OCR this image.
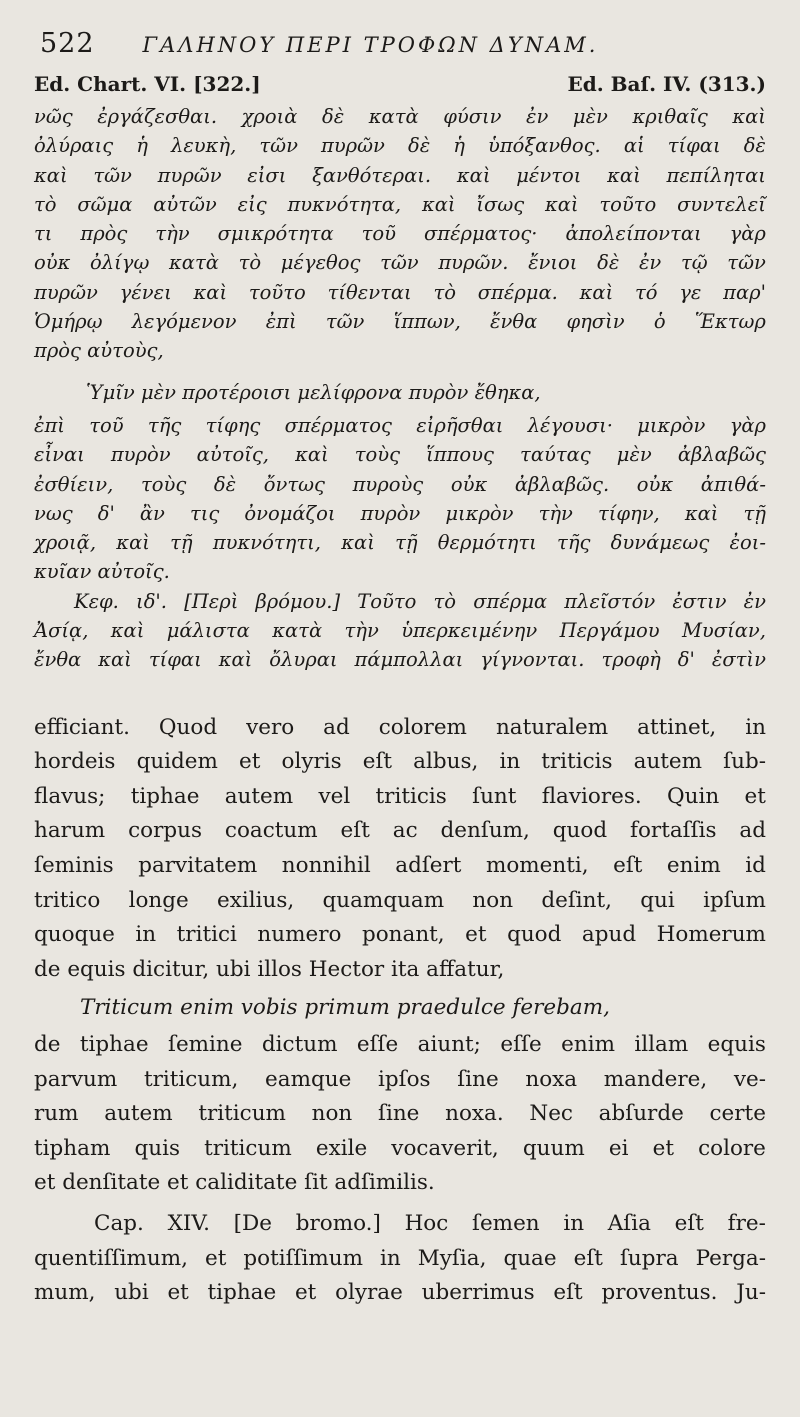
522 ΓΑΛΗΝΟΥ ΠΕΡΙ ΤΡΟΦΩΝ ΔΥΝΑΜ.
Ed. Chart. VI. [322.]	Ed. Baſ. IV. (313.)
νῶς ἐργάζεσθαι. χροιὰ δὲ κατὰ φύσιν ἐν μὲν κριθαῖς καὶ
ὀλύραις ἡ λευκὴ, τῶν πυρῶν δὲ ἡ ὑπόξανθος. αἱ τίφαι δὲ
καὶ τῶν πυρῶν εἰσι ξανθότεραι. καὶ μέντοι καὶ πεπίληται
τὸ σῶμα αὐτῶν εἰς πυκνότητα, καὶ ἴσως καὶ τοῦτο συντελεῖ
τι πρὸς τὴν σμικρότητα τοῦ σπέρματος· ἀπολείπονται γὰρ
οὐκ ὀλίγῳ κατὰ τὸ μέγεθος τῶν πυρῶν. ἔνιοι δὲ ἐν τῷ τῶν
πυρῶν γένει καὶ τοῦτο τίθενται τὸ σπέρμα. καὶ τό γε παρ'
Ὁμήρῳ λεγόμενον ἐπὶ τῶν ἵππων, ἔνθα φησὶν ὁ Ἕκτωρ
πρὸς αὐτοὺς,
Ὑμῖν μὲν προτέροισι μελίφρονα πυρὸν ἔθηκα,
ἐπὶ τοῦ τῆς τίφης σπέρματος εἰρῆσθαι λέγουσι· μικρὸν γὰρ
εἶναι πυρὸν αὐτοῖς, καὶ τοὺς ἵππους ταύτας μὲν ἀβλαβῶς
ἐσθίειν, τοὺς δὲ ὄντως πυροὺς οὐκ ἀβλαβῶς. οὐκ ἀπιθά-
νως δ' ἂν τις ὀνομάζοι πυρὸν μικρὸν τὴν τίφην, καὶ τῇ
χροιᾷ, καὶ τῇ πυκνότητι, καὶ τῇ θερμότητι τῆς δυνάμεως ἐοι-
κυῖαν αὐτοῖς.
Κεφ. ιδ'. [Περὶ βρόμου.] Τοῦτο τὸ σπέρμα πλεῖστόν ἐστιν ἐν
Ἀσίᾳ, καὶ μάλιστα κατὰ τὴν ὑπερκειμένην Περγάμου Μυσίαν,
ἔνθα καὶ τίφαι καὶ ὄλυραι πάμπολλαι γίγνονται. τροφὴ δ' ἐστὶν
efficiant. Quod vero ad colorem naturalem attinet, in
hordeis quidem et olyris eſt albus, in triticis autem ſub-
flavus; tiphae autem vel triticis ſunt flaviores. Quin et
harum corpus coactum eſt ac denſum, quod fortaſſis ad
ſeminis parvitatem nonnihil adſert momenti, eſt enim id
tritico longe exilius, quamquam non deſint, qui ipſum
quoque in tritici numero ponant, et quod apud Homerum
de equis dicitur, ubi illos Hector ita affatur,
Triticum enim vobis primum praedulce ferebam,
de tiphae ſemine dictum eſſe aiunt; eſſe enim illam equis
parvum triticum, eamque ipſos ſine noxa mandere, ve-
rum autem triticum non ſine noxa. Nec abſurde certe
tipham quis triticum exile vocaverit, quum ei et colore
et denſitate et caliditate ſit adſimilis.
Cap. XIV. [De bromo.] Hoc ſemen in Aſia eſt fre-
quentiſſimum, et potiſſimum in Myſia, quae eſt ſupra Perga-
mum, ubi et tiphae et olyrae uberrimus eſt proventus. Ju-
